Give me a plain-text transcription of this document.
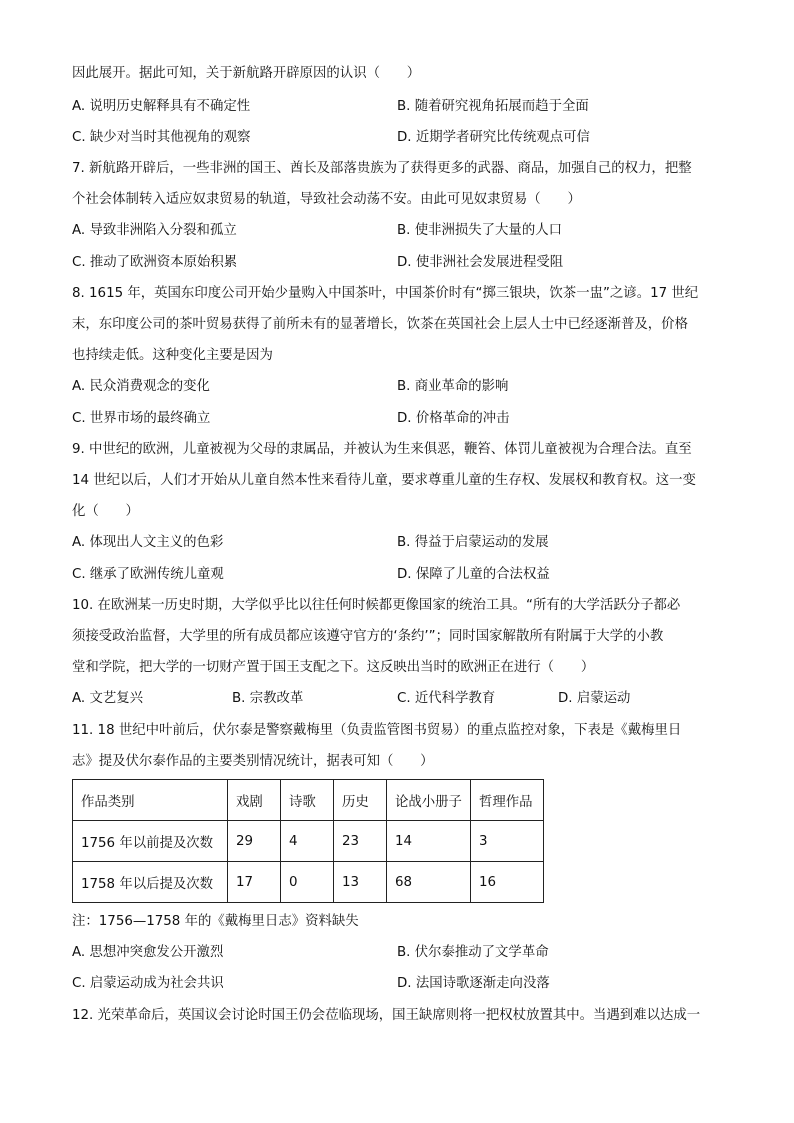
因此展开。据此可知，关于新航路开辟原因的认识（　　）
A. 说明历史解释具有不确定性	B. 随着研究视角拓展而趋于全面
C. 缺少对当时其他视角的观察	D. 近期学者研究比传统观点可信
7. 新航路开辟后，一些非洲的国王、酋长及部落贵族为了获得更多的武器、商品，加强自己的权力，把整
个社会体制转入适应奴隶贸易的轨道，导致社会动荡不安。由此可见奴隶贸易（　　）
A. 导致非洲陷入分裂和孤立	B. 使非洲损失了大量的人口
C. 推动了欧洲资本原始积累	D. 使非洲社会发展进程受阻
8. 1615 年，英国东印度公司开始少量购入中国茶叶，中国茶价时有“掷三银块，饮茶一盅”之谚。17 世纪
末，东印度公司的茶叶贸易获得了前所未有的显著增长，饮茶在英国社会上层人士中已经逐渐普及，价格
也持续走低。这种变化主要是因为
A. 民众消费观念的变化	B. 商业革命的影响
C. 世界市场的最终确立	D. 价格革命的冲击
9. 中世纪的欧洲，儿童被视为父母的隶属品，并被认为生来俱恶，鞭笞、体罚儿童被视为合理合法。直至
14 世纪以后，人们才开始从儿童自然本性来看待儿童，要求尊重儿童的生存权、发展权和教育权。这一变
化（　　）
A. 体现出人文主义的色彩	B. 得益于启蒙运动的发展
C. 继承了欧洲传统儿童观	D. 保障了儿童的合法权益
10. 在欧洲某一历史时期，大学似乎比以往任何时候都更像国家的统治工具。“所有的大学活跃分子都必
须接受政治监督，大学里的所有成员都应该遵守官方的‘条约’”；同时国家解散所有附属于大学的小教
堂和学院，把大学的一切财产置于国王支配之下。这反映出当时的欧洲正在进行（　　）
A. 文艺复兴	B. 宗教改革	C. 近代科学教育	D. 启蒙运动
11. 18 世纪中叶前后，伏尔泰是警察戴梅里（负责监管图书贸易）的重点监控对象，下表是《戴梅里日
志》提及伏尔泰作品的主要类别情况统计，据表可知（　　）
作品类别	戏剧	诗歌	历史	论战小册子	哲理作品
1756 年以前提及次数	29	4	23	14	3
1758 年以后提及次数	17	0	13	68	16
注：1756—1758 年的《戴梅里日志》资料缺失
A. 思想冲突愈发公开激烈	B. 伏尔泰推动了文学革命
C. 启蒙运动成为社会共识	D. 法国诗歌逐渐走向没落
12. 光荣革命后，英国议会讨论时国王仍会莅临现场，国王缺席则将一把权杖放置其中。当遇到难以达成一
